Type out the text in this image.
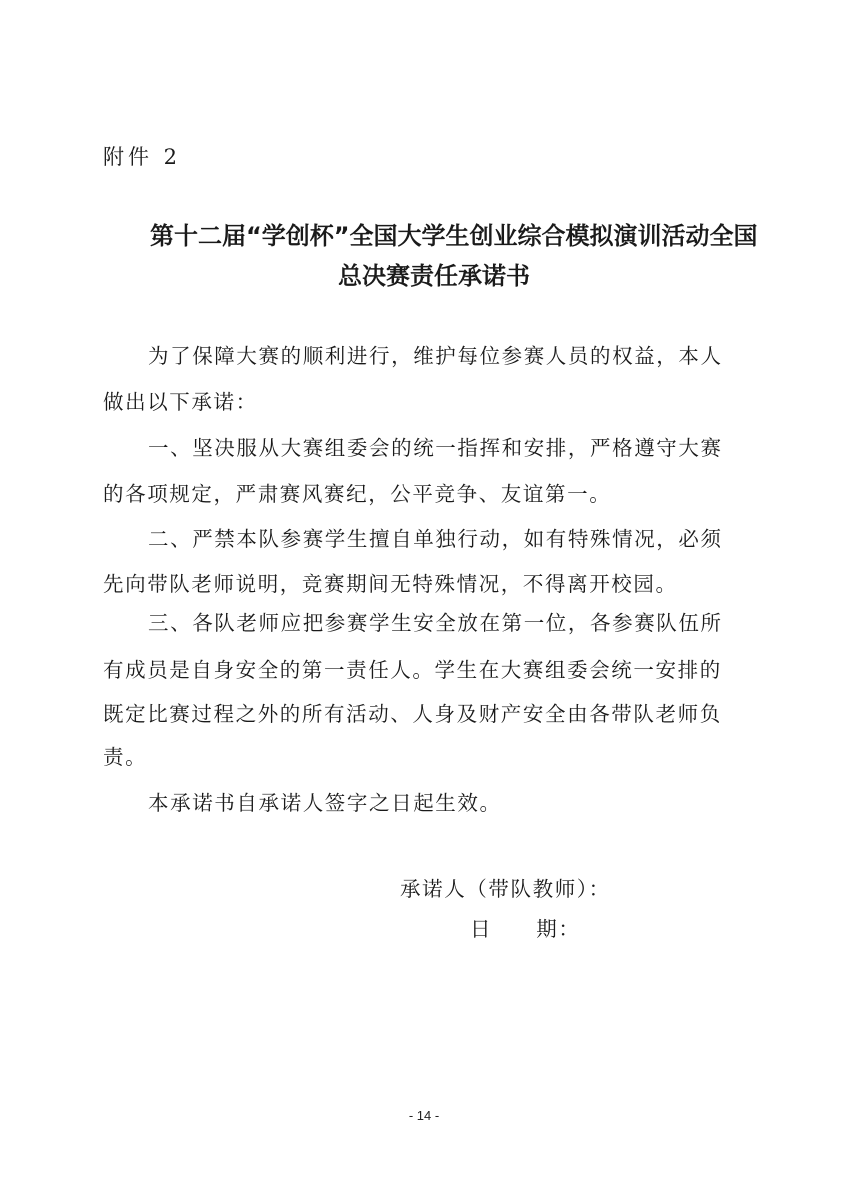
附件 2
第十二届“学创杯”全国大学生创业综合模拟演训活动全国
总决赛责任承诺书
为了保障大赛的顺利进行，维护每位参赛人员的权益，本人
做出以下承诺：
一、坚决服从大赛组委会的统一指挥和安排，严格遵守大赛
的各项规定，严肃赛风赛纪，公平竞争、友谊第一。
二、严禁本队参赛学生擅自单独行动，如有特殊情况，必须
先向带队老师说明，竞赛期间无特殊情况，不得离开校园。
三、各队老师应把参赛学生安全放在第一位，各参赛队伍所
有成员是自身安全的第一责任人。学生在大赛组委会统一安排的
既定比赛过程之外的所有活动、人身及财产安全由各带队老师负
责。
本承诺书自承诺人签字之日起生效。
承诺人（带队教师）：
日　　期：
- 14 -
